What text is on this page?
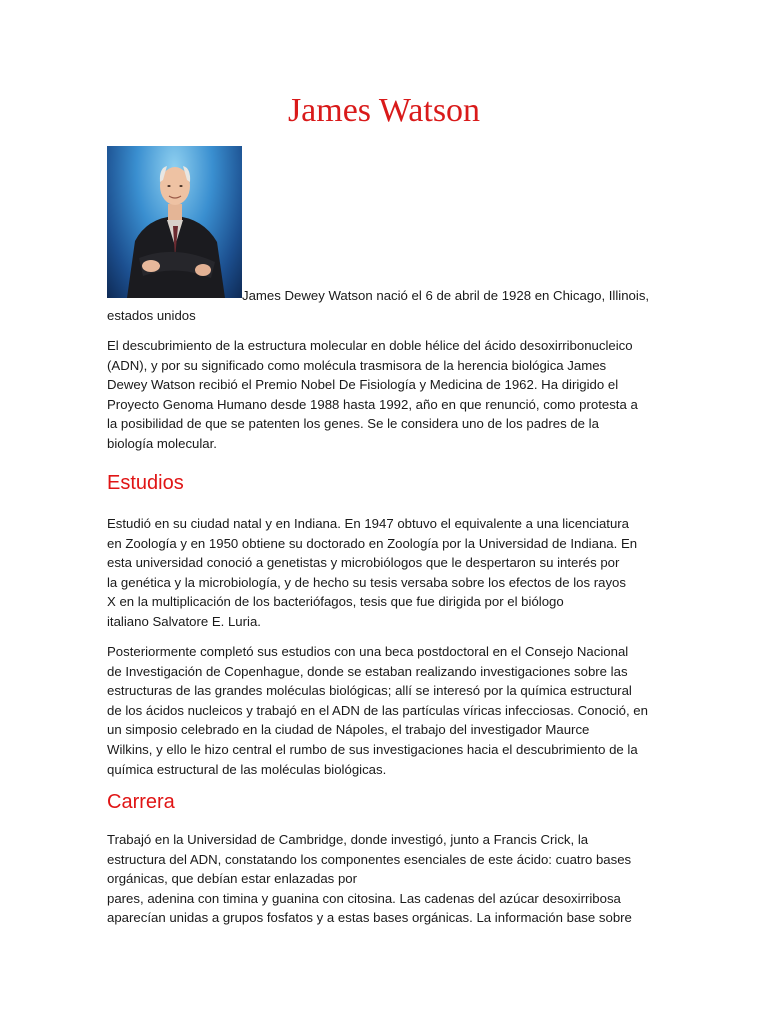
James Watson

James Dewey Watson nació el 6 de abril de 1928 en Chicago, Illinois,
estados unidos

El descubrimiento de la estructura molecular en doble hélice del ácido desoxirribonucleico
(ADN), y por su significado como molécula trasmisora de la herencia biológica James
Dewey Watson recibió el Premio Nobel De Fisiología y Medicina de 1962. Ha dirigido el
Proyecto Genoma Humano desde 1988 hasta 1992, año en que renunció, como protesta a
la posibilidad de que se patenten los genes. Se le considera uno de los padres de la
biología molecular.

Estudios

Estudió en su ciudad natal y en Indiana. En 1947 obtuvo el equivalente a una licenciatura
en Zoología y en 1950 obtiene su doctorado en Zoología por la Universidad de Indiana. En
esta universidad conoció a genetistas y microbiólogos que le despertaron su interés por
la genética y la microbiología, y de hecho su tesis versaba sobre los efectos de los rayos
X en la multiplicación de los bacteriófagos, tesis que fue dirigida por el biólogo
italiano Salvatore E. Luria.

Posteriormente completó sus estudios con una beca postdoctoral en el Consejo Nacional
de Investigación de Copenhague, donde se estaban realizando investigaciones sobre las
estructuras de las grandes moléculas biológicas; allí se interesó por la química estructural
de los ácidos nucleicos y trabajó en el ADN de las partículas víricas infecciosas. Conoció, en
un simposio celebrado en la ciudad de Nápoles, el trabajo del investigador Maurce
Wilkins, y ello le hizo central el rumbo de sus investigaciones hacia el descubrimiento de la
química estructural de las moléculas biológicas.

Carrera

Trabajó en la Universidad de Cambridge, donde investigó, junto a Francis Crick, la
estructura del ADN, constatando los componentes esenciales de este ácido: cuatro bases
orgánicas, que debían estar enlazadas por
pares, adenina con timina y guanina con citosina. Las cadenas del azúcar desoxirribosa
aparecían unidas a grupos fosfatos y a estas bases orgánicas. La información base sobre
